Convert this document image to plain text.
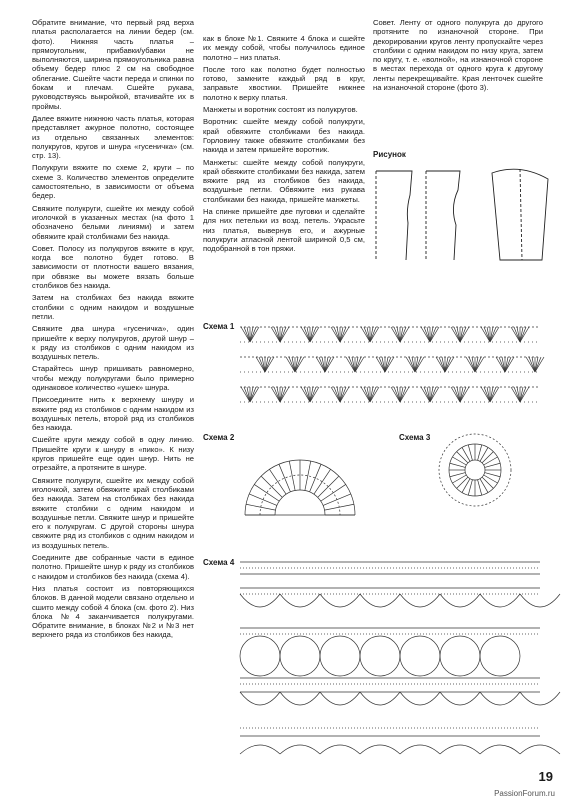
Обратите внимание, что первый ряд верха платья располагается на линии бедер (см. фото). Нижняя часть платья – прямоугольник, прибавки/убавки не выполняются, ширина прямоугольника равна объему бедер плюс 2 см на свободное облегание. Сшейте части переда и спинки по бокам и плечам. Сшейте рукава, руководствуясь выкройкой, втачивайте их в проймы.

Далее вяжите нижнюю часть платья, которая представляет ажурное полотно, состоящее из отдельно связанных элементов: полукругов, кругов и шнура «гусеничка» (см. стр. 13).

Полукруги вяжите по схеме 2, круги – по схеме 3. Количество элементов определите самостоятельно, в зависимости от объема бедер.

Свяжите полукруги, сшейте их между собой иголочкой в указанных местах (на фото 1 обозначено белыми линиями) и затем обвяжите край столбиками без накида.

Совет. Полосу из полукругов вяжите в круг, когда все полотно будет готово. В зависимости от плотности вашего вязания, при обвязке вы можете вязать больше столбиков без накида.

Затем на столбиках без накида вяжите столбики с одним накидом и воздушные петли.

Свяжите два шнура «гусеничка», один пришейте к верху полукругов, другой шнур – к ряду из столбиков с одним накидом из воздушных петель.

Старайтесь шнур пришивать равномерно, чтобы между полукругами было примерно одинаковое количество «ушек» шнура.

Присоедините нить к верхнему шнуру и вяжите ряд из столбиков с одним накидом из воздушных петель, второй ряд из столбиков без накида.

Сшейте круги между собой в одну линию. Пришейте круги к шнуру в «пико». К низу кругов пришейте еще один шнур. Нить не отрезайте, а протяните в шнуре.

Свяжите полукруги, сшейте их между собой иголочкой, затем обвяжите край столбиками без накида. Затем на столбиках без накида вяжите столбики с одним накидом и воздушные петли. Свяжите шнур и пришейте его к полукругам. С другой стороны шнура свяжите ряд из столбиков с одним накидом и из воздушных петель.

Соедините две собранные части в единое полотно. Пришейте шнур к ряду из столбиков с накидом и столбиков без накида (схема 4).

Низ платья состоит из повторяющихся блоков. В данной модели связано отдельно и сшито между собой 4 блока (см. фото 2). Низ блока №4 заканчивается полукругами. Обратите внимание, в блоках №2 и №3 нет верхнего ряда из столбиков без накида,

как в блоке №1. Свяжите 4 блока и сшейте их между собой, чтобы получилось единое полотно – низ платья.

После того как полотно будет полностью готово, замкните каждый ряд в круг, заправьте хвостики. Пришейте нижнее полотно к верху платья.

Манжеты и воротник состоят из полукругов.

Воротник: сшейте между собой полукруги, край обвяжите столбиками без накида. Горловину также обвяжите столбиками без накида и затем пришейте воротник.

Манжеты: сшейте между собой полукруги, край обвяжите столбиками без накида, затем вяжите ряд из столбиков без накида, воздушные петли. Обвяжите низ рукава столбиками без накида, пришейте манжеты.

На спинке пришейте две пуговки и сделайте для них петельки из возд. петель. Украсьте низ платья, вывернув его, и ажурные полукруги атласной лентой шириной 0,5 см, подобранной в тон пряжи.

Совет. Ленту от одного полукруга до другого протяните по изнаночной стороне. При декорировании кругов ленту пропускайте через столбики с одним накидом по низу круга, затем по кругу, т. е. «волной», на изнаночной стороне в местах перехода от одного круга к другому ленты перекрещивайте. Края ленточек сшейте на изнаночной стороне (фото 3).

Рисунок
Схема 1
Схема 2	Схема 3
Схема 4
19
PassionForum.ru
